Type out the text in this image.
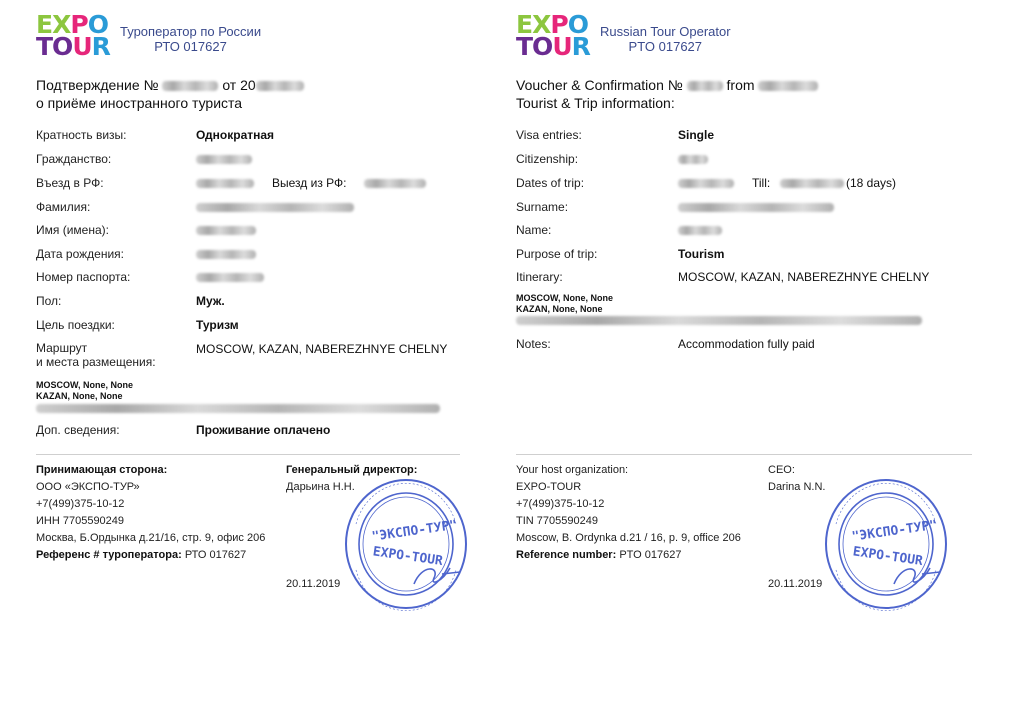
EXPO
TOUR
Туроператор по России
РТО 017627
Подтверждение №	от 20
о приёме иностранного туриста
Кратность визы:	Однократная
Гражданство:
Въезд в РФ:	Выезд из РФ:
Фамилия:
Имя (имена):
Дата рождения:
Номер паспорта:
Пол:	Муж.
Цель поездки:	Туризм
Маршрут
и места размещения:
MOSCOW, KAZAN, NABEREZHNYE CHELNY
MOSCOW, None, None
KAZAN, None, None
Доп. сведения:	Проживание оплачено
Принимающая сторона:
ООО «ЭКСПО-ТУР»
+7(499)375-10-12
ИНН 7705590249
Москва, Б.Ордынка д.21/16, стр. 9, офис 206
Референс # туроператора: РТО 017627
Генеральный директор:
Дарьина Н.Н.
20.11.2019
"ЭКСПО-ТУР"
EXPO-TOUR
EXPO
TOUR
Russian Tour Operator
PTO 017627
Voucher & Confirmation №	from
Tourist & Trip information:
Visa entries:	Single
Citizenship:
Dates of trip:	Till:	(18 days)
Surname:
Name:
Purpose of trip:	Tourism
Itinerary:	MOSCOW, KAZAN, NABEREZHNYE CHELNY
MOSCOW, None, None
KAZAN, None, None
Notes:	Accommodation fully paid
Your host organization:
EXPO-TOUR
+7(499)375-10-12
TIN 7705590249
Moscow, B. Ordynka d.21 / 16, p. 9, office 206
Reference number: PTO 017627
CEO:
Darina N.N.
20.11.2019
"ЭКСПО-ТУР"
EXPO-TOUR
